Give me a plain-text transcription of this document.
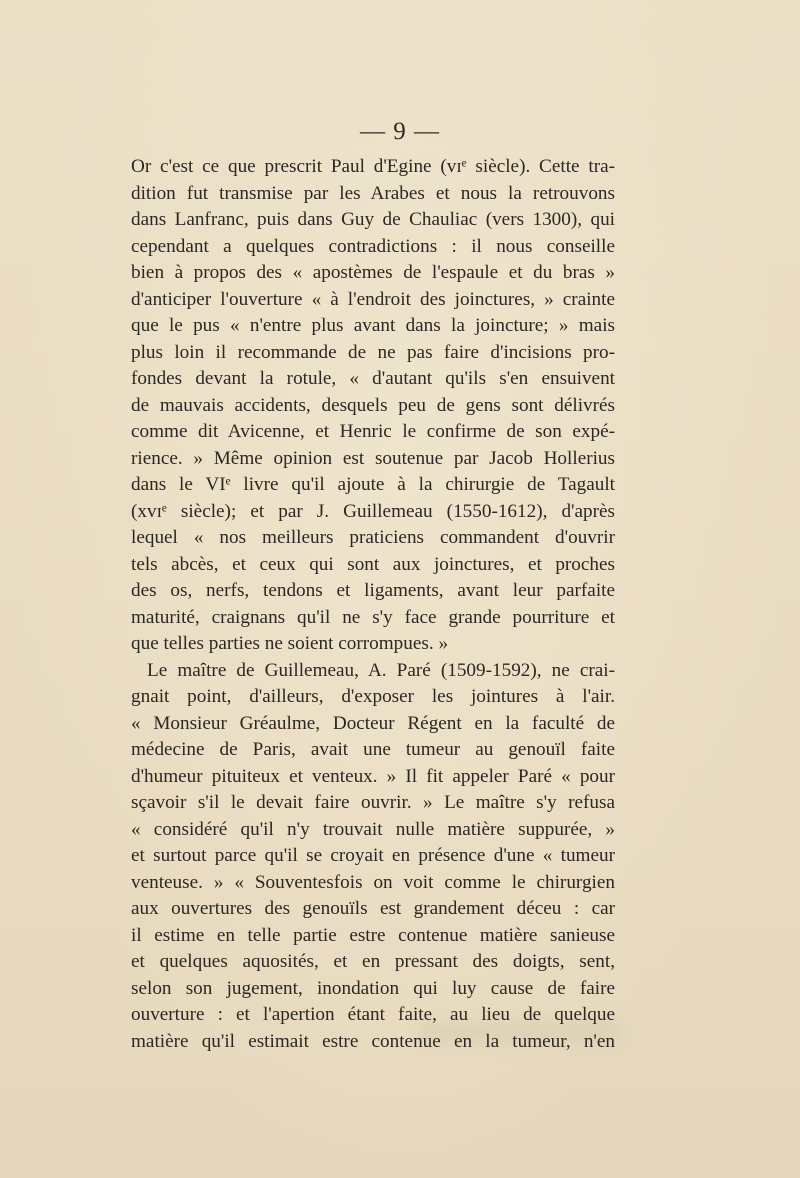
— 9 —
Or c'est ce que prescrit Paul d'Egine (vɪᵉ siècle). Cette tra-
dition fut transmise par les Arabes et nous la retrouvons
dans Lanfranc, puis dans Guy de Chauliac (vers 1300), qui
cependant a quelques contradictions : il nous conseille
bien à propos des « apostèmes de l'espaule et du bras »
d'anticiper l'ouverture « à l'endroit des joinctures, » crainte
que le pus « n'entre plus avant dans la joincture; » mais
plus loin il recommande de ne pas faire d'incisions pro-
fondes devant la rotule, « d'autant qu'ils s'en ensuivent
de mauvais accidents, desquels peu de gens sont délivrés
comme dit Avicenne, et Henric le confirme de son expé-
rience. » Même opinion est soutenue par Jacob Hollerius
dans le VIᵉ livre qu'il ajoute à la chirurgie de Tagault
(xvɪᵉ siècle); et par J. Guillemeau (1550-1612), d'après
lequel « nos meilleurs praticiens commandent d'ouvrir
tels abcès, et ceux qui sont aux joinctures, et proches
des os, nerfs, tendons et ligaments, avant leur parfaite
maturité, craignans qu'il ne s'y face grande pourriture et
que telles parties ne soient corrompues. »
Le maître de Guillemeau, A. Paré (1509-1592), ne crai-
gnait point, d'ailleurs, d'exposer les jointures à l'air.
« Monsieur Gréaulme, Docteur Régent en la faculté de
médecine de Paris, avait une tumeur au genouïl faite
d'humeur pituiteux et venteux. » Il fit appeler Paré « pour
sçavoir s'il le devait faire ouvrir. » Le maître s'y refusa
« considéré qu'il n'y trouvait nulle matière suppurée, »
et surtout parce qu'il se croyait en présence d'une « tumeur
venteuse. » « Souventesfois on voit comme le chirurgien
aux ouvertures des genouïls est grandement déceu : car
il estime en telle partie estre contenue matière sanieuse
et quelques aquosités, et en pressant des doigts, sent,
selon son jugement, inondation qui luy cause de faire
ouverture : et l'apertion étant faite, au lieu de quelque
matière qu'il estimait estre contenue en la tumeur, n'en
